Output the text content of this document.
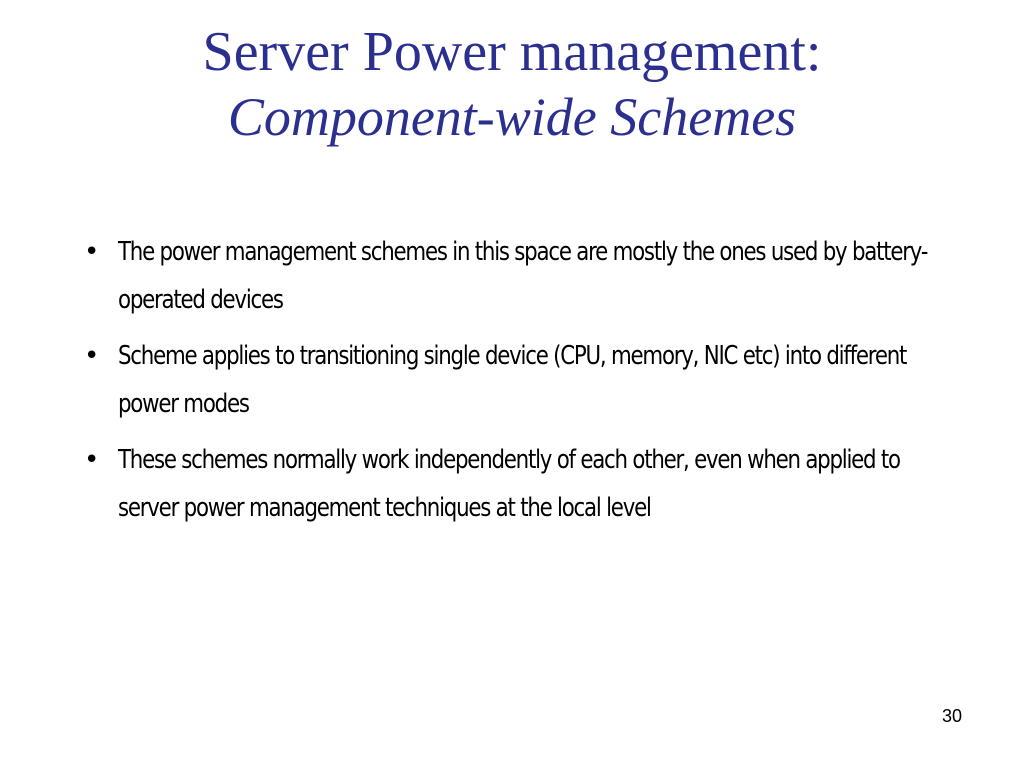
Server Power management:
Component-wide Schemes
• The power management schemes in this space are mostly the ones used by battery-operated devices
• Scheme applies to transitioning single device (CPU, memory, NIC etc) into different power modes
• These schemes normally work independently of each other, even when applied to server power management techniques at the local level
30
